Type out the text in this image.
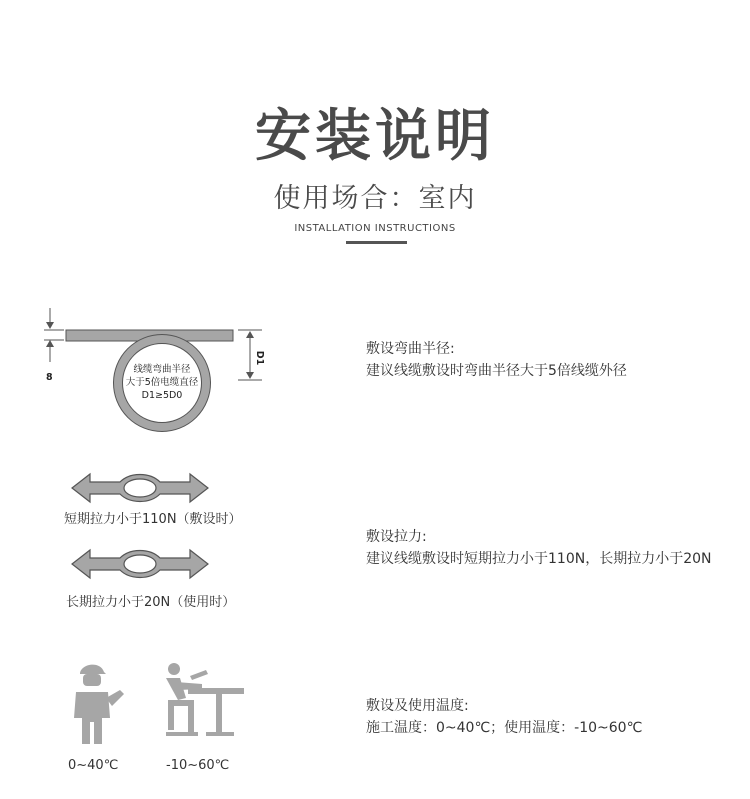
安装说明
使用场合：室内
INSTALLATION INSTRUCTIONS
8
线缆弯曲半径
大于5倍电缆直径
D1≥5D0
D1
敷设弯曲半径:
建议线缆敷设时弯曲半径大于5倍线缆外径
短期拉力小于110N（敷设时）
长期拉力小于20N（使用时）
敷设拉力:
建议线缆敷设时短期拉力小于110N，长期拉力小于20N
0~40℃	-10~60℃
敷设及使用温度:
施工温度：0~40℃；使用温度：-10~60℃
